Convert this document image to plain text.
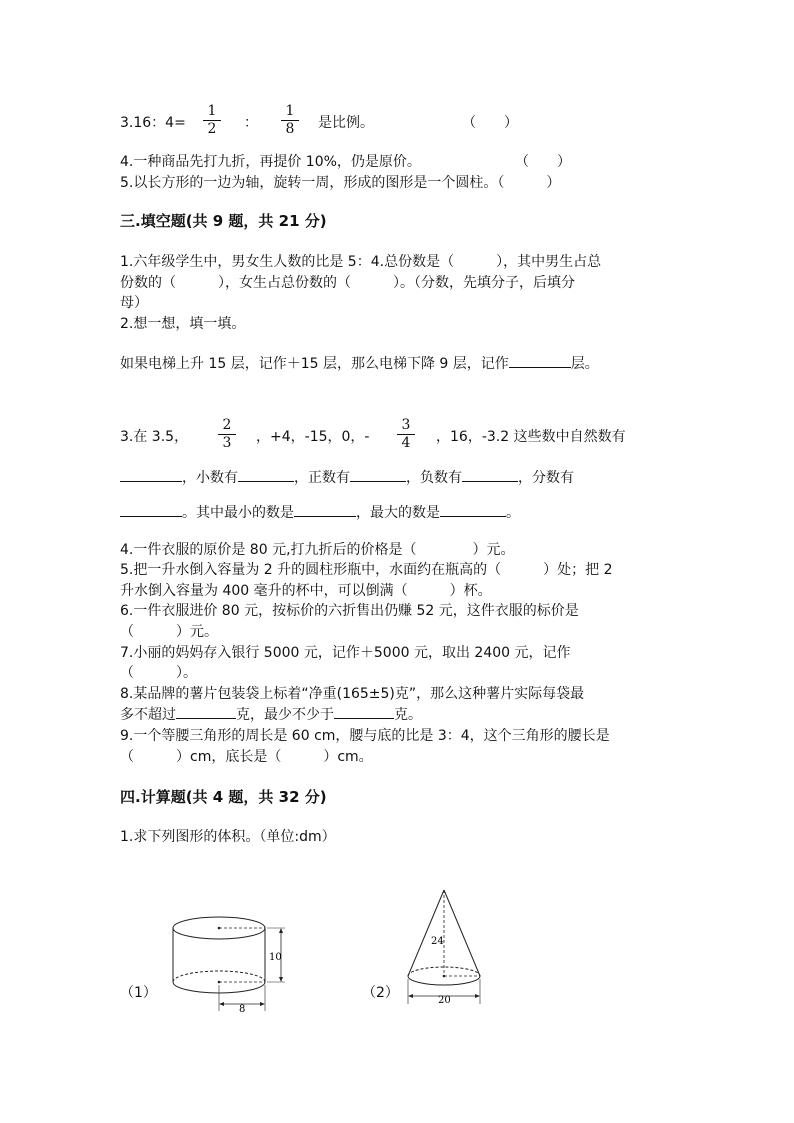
3.16：$4= \frac{1}{2}$ ： $\frac{1}{8}$ 是比例。	（　　）
4.一种商品先打九折，再提价 10%，仍是原价。	（　　）
5.以长方形的一边为轴，旋转一周，形成的图形是一个圆柱。（　　　）
三.填空题(共 9 题，共 21 分)
1.六年级学生中，男女生人数的比是 5：4.总份数是（　　　），其中男生占总
份数的（　　　），女生占总份数的（　　　）。（分数，先填分子，后填分
母）
2.想一想，填一填。
如果电梯上升 15 层，记作＋15 层，那么电梯下降 9 层，记作	层。
3.在 3.5， $\frac{2}{3}$ ，+4，-15，0，- $\frac{3}{4}$ ，16，-3.2 这些数中自然数有
，小数有	，正数有	，负数有	，分数有
。其中最小的数是	，最大的数是	。
4.一件衣服的原价是 80 元,打九折后的价格是（　　　　）元。
5.把一升水倒入容量为 2 升的圆柱形瓶中，水面约在瓶高的（　　　）处；把 2
升水倒入容量为 400 毫升的杯中，可以倒满（　　　）杯。
6.一件衣服进价 80 元，按标价的六折售出仍赚 52 元，这件衣服的标价是
（　　　）元。
7.小丽的妈妈存入银行 5000 元，记作＋5000 元，取出 2400 元，记作
（　　　）。
8.某品牌的薯片包装袋上标着“净重(165±5)克”，那么这种薯片实际每袋最
多不超过	克，最少不少于	克。
9.一个等腰三角形的周长是 60 cm，腰与底的比是 3：4，这个三角形的腰长是
（　　　）cm，底长是（　　　）cm。
四.计算题(共 4 题，共 32 分)
1.求下列图形的体积。（单位:dm）
（1）	（2）
10
8
24
20
